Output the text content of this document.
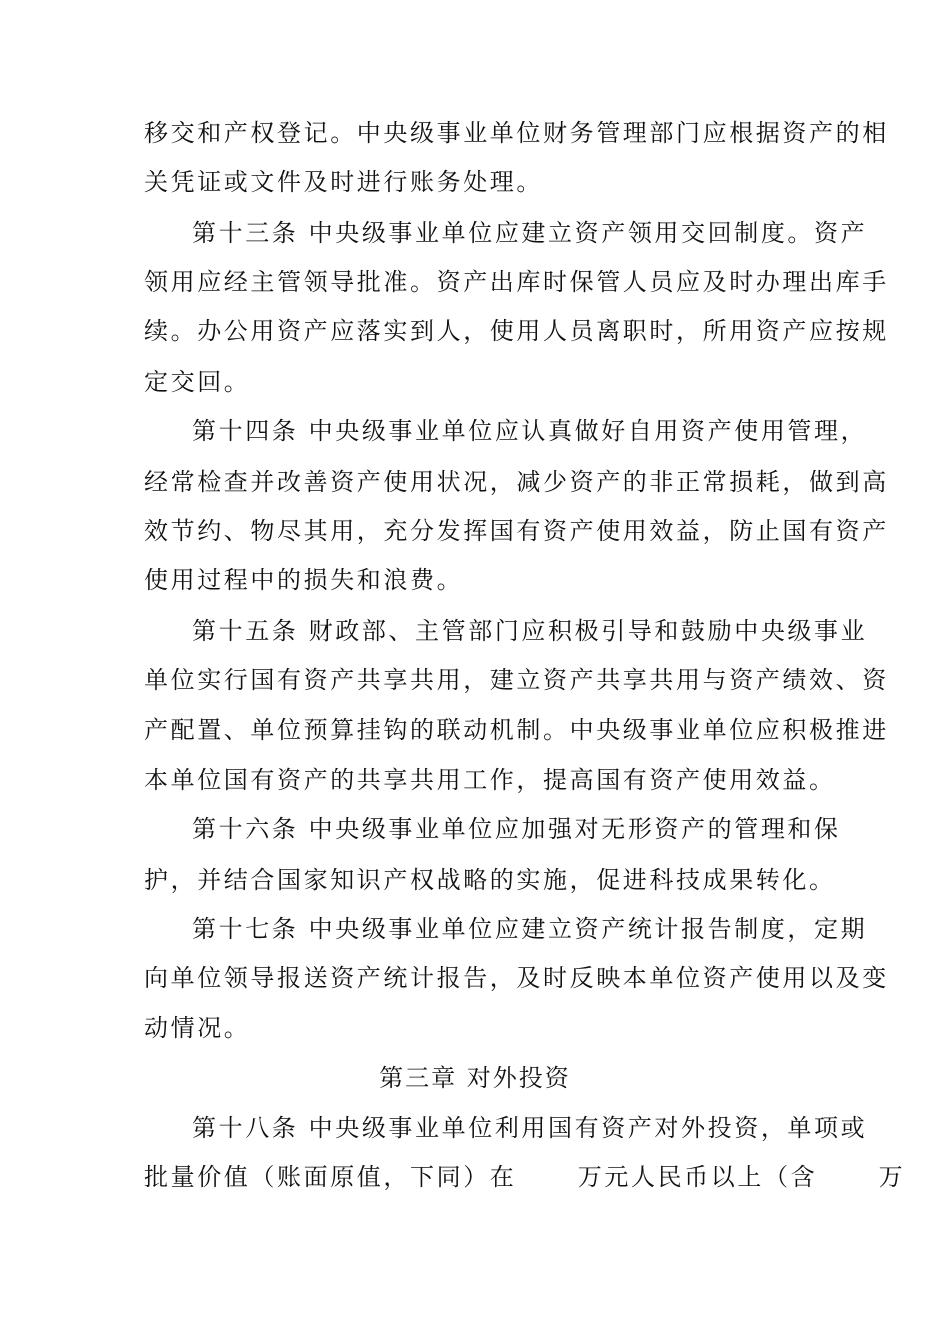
移交和产权登记。中央级事业单位财务管理部门应根据资产的相
关凭证或文件及时进行账务处理。
第十三条 中央级事业单位应建立资产领用交回制度。资产
领用应经主管领导批准。资产出库时保管人员应及时办理出库手
续。办公用资产应落实到人，使用人员离职时，所用资产应按规
定交回。
第十四条 中央级事业单位应认真做好自用资产使用管理，
经常检查并改善资产使用状况，减少资产的非正常损耗，做到高
效节约、物尽其用，充分发挥国有资产使用效益，防止国有资产
使用过程中的损失和浪费。
第十五条 财政部、主管部门应积极引导和鼓励中央级事业
单位实行国有资产共享共用，建立资产共享共用与资产绩效、资
产配置、单位预算挂钩的联动机制。中央级事业单位应积极推进
本单位国有资产的共享共用工作，提高国有资产使用效益。
第十六条 中央级事业单位应加强对无形资产的管理和保
护，并结合国家知识产权战略的实施，促进科技成果转化。
第十七条 中央级事业单位应建立资产统计报告制度，定期
向单位领导报送资产统计报告，及时反映本单位资产使用以及变
动情况。
第三章 对外投资
第十八条 中央级事业单位利用国有资产对外投资，单项或
批量价值（账面原值，下同）在	万元人民币以上（含	万
